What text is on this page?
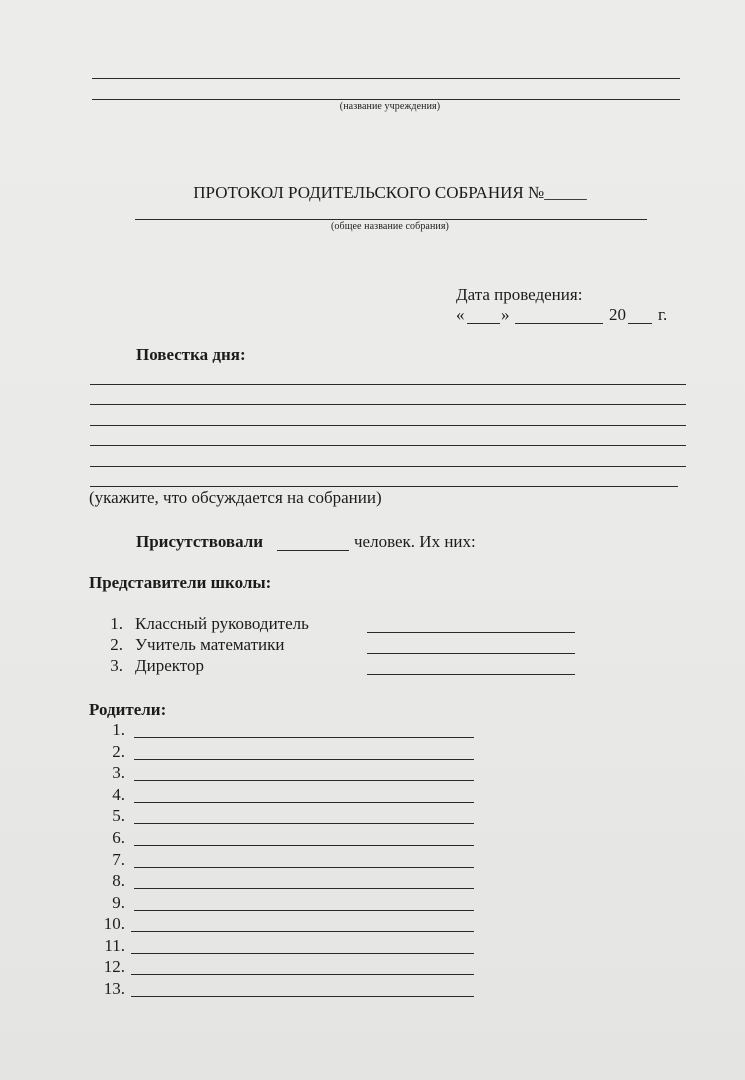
(название учреждения)
ПРОТОКОЛ РОДИТЕЛЬСКОГО СОБРАНИЯ №_____
(общее название собрания)
Дата проведения:
« »	20 г.
Повестка дня:
(укажите, что обсуждается на собрании)
Присутствовали	человек. Их них:
Представители школы:
1. Классный руководитель
2. Учитель математики
3. Директор
Родители:
1.
2.
3.
4.
5.
6.
7.
8.
9.
10.
11.
12.
13.
